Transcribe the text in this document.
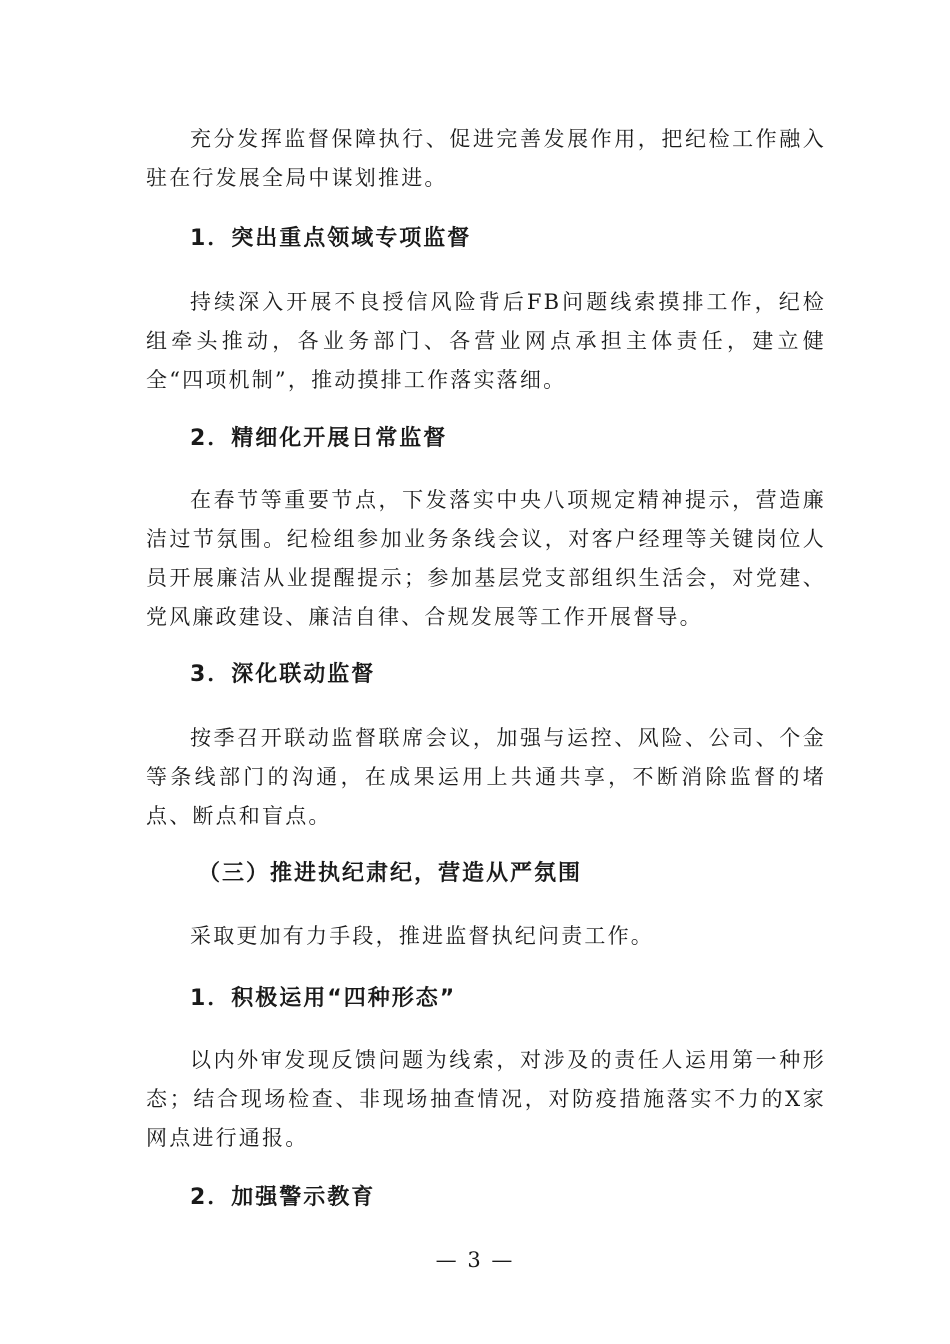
充分发挥监督保障执行、促进完善发展作用，把纪检工作融入驻在行发展全局中谋划推进。

1．突出重点领域专项监督

持续深入开展不良授信风险背后FB问题线索摸排工作，纪检组牵头推动，各业务部门、各营业网点承担主体责任，建立健全“四项机制”，推动摸排工作落实落细。

2．精细化开展日常监督

在春节等重要节点，下发落实中央八项规定精神提示，营造廉洁过节氛围。纪检组参加业务条线会议，对客户经理等关键岗位人员开展廉洁从业提醒提示；参加基层党支部组织生活会，对党建、党风廉政建设、廉洁自律、合规发展等工作开展督导。

3．深化联动监督

按季召开联动监督联席会议，加强与运控、风险、公司、个金等条线部门的沟通，在成果运用上共通共享，不断消除监督的堵点、断点和盲点。

（三）推进执纪肃纪，营造从严氛围

采取更加有力手段，推进监督执纪问责工作。

1．积极运用“四种形态”

以内外审发现反馈问题为线索，对涉及的责任人运用第一种形态；结合现场检查、非现场抽查情况，对防疫措施落实不力的X家网点进行通报。

2．加强警示教育
— 3 —
